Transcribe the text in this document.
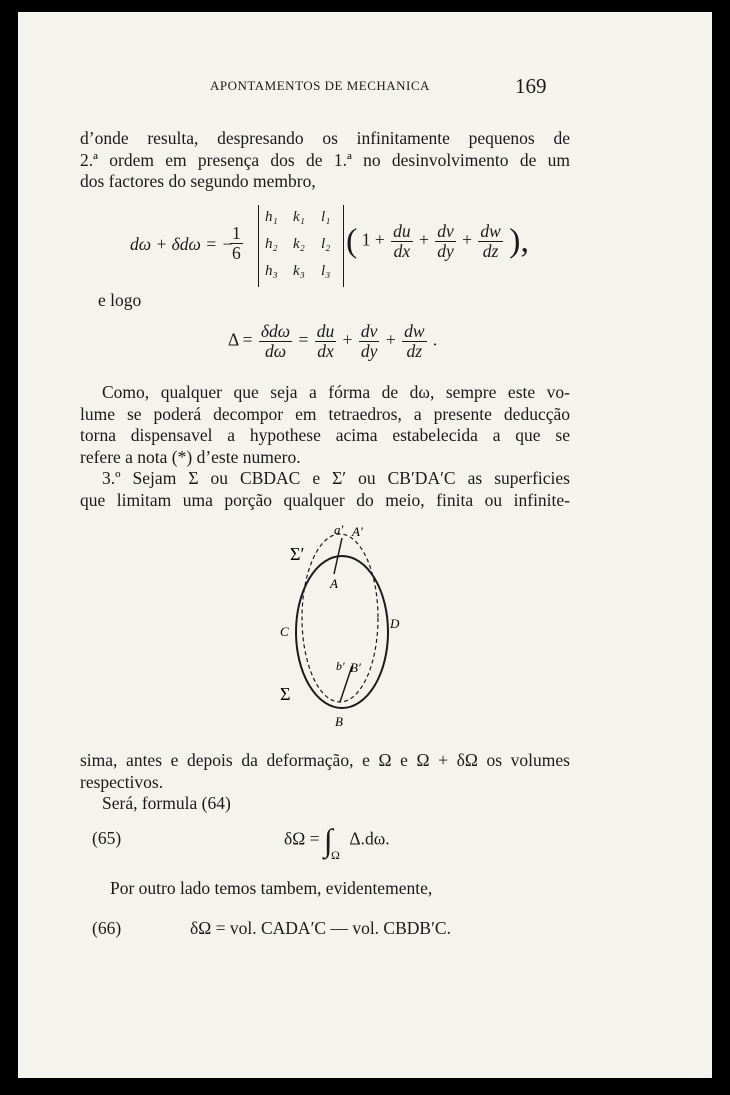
APONTAMENTOS DE MECHANICA	169
d’onde resulta, despresando os infinitamente pequenos de
2.ª ordem em presença dos de 1.ª no desinvolvimento de um
dos factores do segundo membro,
dω + δdω = −
$\frac{1}{6}$
h₁ k₁ l₁
h₂ k₂ l₂
h₃ k₃ l₃
( $1 + \frac{du}{dx} + \frac{dv}{dy} + \frac{dw}{dz}$ ),
e logo
$\Delta = \frac{\text{δdω}}{d\omega} = \frac{du}{dx} + \frac{dv}{dy} + \frac{dw}{dz}$ .
Como, qualquer que seja a fórma de dω, sempre este vo-
lume se poderá decompor em tetraedros, a presente deducção
torna dispensavel a hypothese acima estabelecida a que se
refere a nota (*) d’este numero.
3.º Sejam Σ ou CBDAC e Σ′ ou CB′DA′C as superficies
que limitam uma porção qualquer do meio, finita ou infinite-
Σ′
Σ
a′ A′
A
C
D
b′ B′
B
sima, antes e depois da deformação, e Ω e Ω + δΩ os volumes
respectivos.
Será, formula (64)
(65)	δΩ = ∫ $_\Omega$ Δ.dω.
Por outro lado temos tambem, evidentemente,
(66)	δΩ = vol. CADA′C — vol. CBDB′C.
